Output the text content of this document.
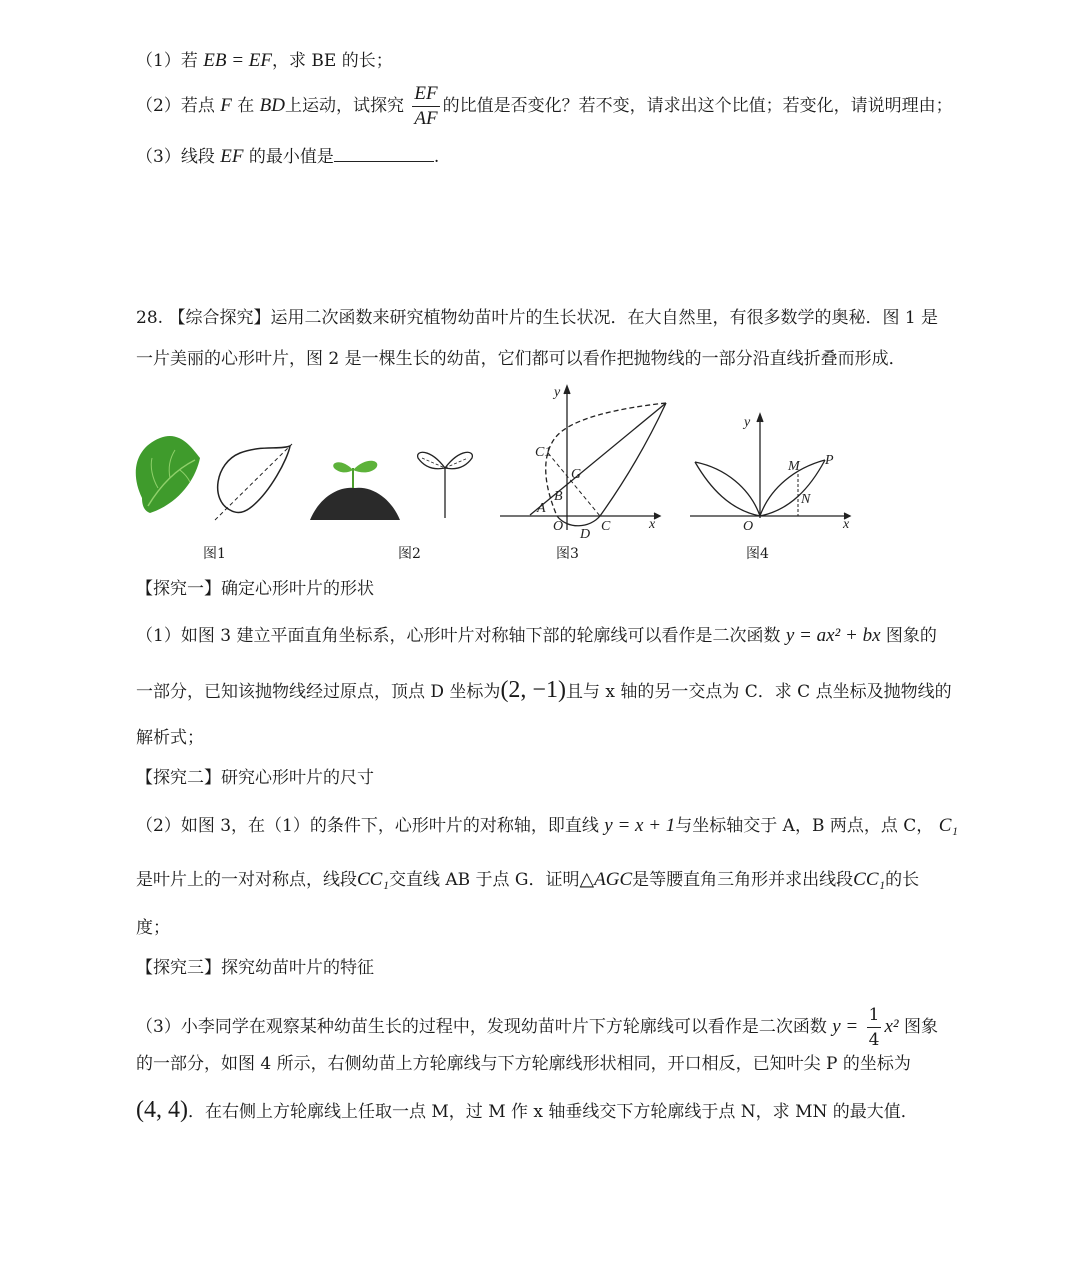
（1）若 EB = EF，求 BE 的长；
（2）若点 F 在 BD上运动，试探究 $\frac{EF}{AF}$ 的比值是否变化？若不变，请求出这个比值；若变化，请说明理由；
（3）线段 EF 的最小值是	.
28. 【综合探究】运用二次函数来研究植物幼苗叶片的生长状况．在大自然里，有很多数学的奥秘．图 1 是
一片美丽的心形叶片，图 2 是一棵生长的幼苗，它们都可以看作把抛物线的一部分沿直线折叠而形成．
y
x
C1
G
B
A
O
D
C
y
x
M P
N
O
图1	图2	图3	图4
【探究一】确定心形叶片的形状
（1）如图 3 建立平面直角坐标系，心形叶片对称轴下部的轮廓线可以看作是二次函数 y = ax² + bx 图象的
一部分，已知该抛物线经过原点，顶点 D 坐标为(2, −1)且与 x 轴的另一交点为 C．求 C 点坐标及抛物线的
解析式；
【探究二】研究心形叶片的尺寸
（2）如图 3，在（1）的条件下，心形叶片的对称轴，即直线 y = x + 1与坐标轴交于 A，B 两点，点 C， C₁
是叶片上的一对对称点，线段CC₁交直线 AB 于点 G．证明△AGC是等腰直角三角形并求出线段CC₁的长
度；
【探究三】探究幼苗叶片的特征
（3）小李同学在观察某种幼苗生长的过程中，发现幼苗叶片下方轮廓线可以看作是二次函数 $y = \frac{1}{4} x^2$ 图象
的一部分，如图 4 所示，右侧幼苗上方轮廓线与下方轮廓线形状相同，开口相反，已知叶尖 P 的坐标为
(4, 4)．在右侧上方轮廓线上任取一点 M，过 M 作 x 轴垂线交下方轮廓线于点 N，求 MN 的最大值．
